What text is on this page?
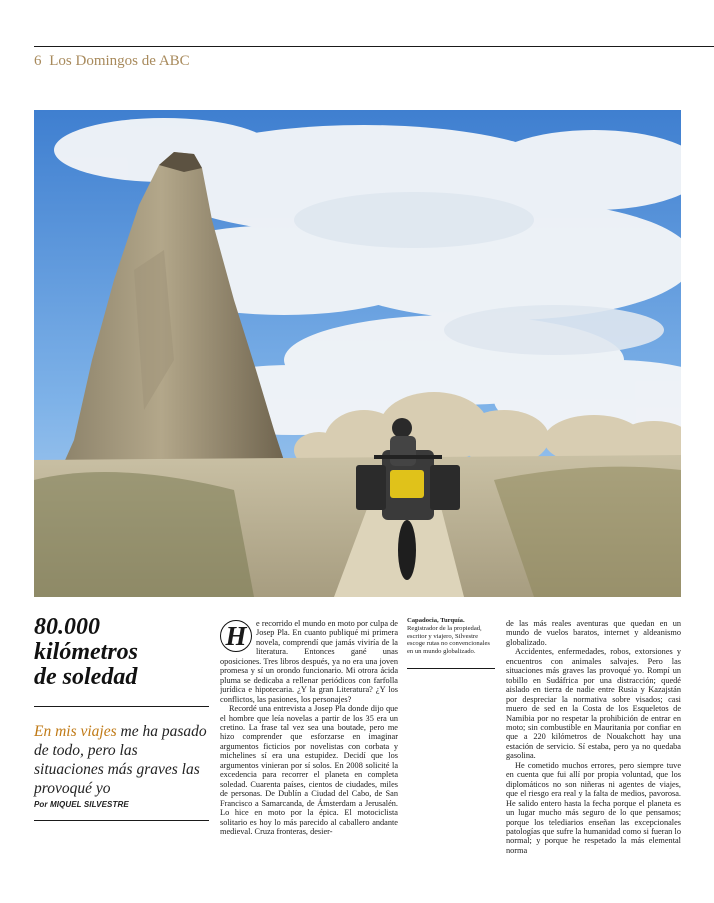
6 Los Domingos de ABC
80.000
kilómetros
de soledad

En mis viajes me ha pasado de todo, pero las situaciones más graves las provoqué yo

Por MIQUEL SILVESTRE

H	e recorrido el mundo en moto por culpa de Josep Pla. En cuanto publiqué mi primera novela, comprendí que jamás viviría de la literatura. Entonces gané unas oposiciones. Tres libros después, ya no era una joven promesa y sí un orondo funcionario. Mi otrora ácida pluma se dedicaba a rellenar periódicos con farfolla jurídica e hipotecaria. ¿Y la gran Literatura? ¿Y los conflictos, las pasiones, los personajes?

Recordé una entrevista a Josep Pla donde dijo que el hombre que leía novelas a partir de los 35 era un cretino. La frase tal vez sea una boutade, pero me hizo comprender que esforzarse en imaginar argumentos ficticios por novelistas con corbata y michelines sí era una estupidez. Decidí que los argumentos vinieran por sí solos. En 2008 solicité la excedencia para recorrer el planeta en completa soledad. Cuarenta países, cientos de ciudades, miles de personas. De Dublín a Ciudad del Cabo, de San Francisco a Samarcanda, de Ámsterdam a Jerusalén. Lo hice en moto por la épica. El motociclista solitario es hoy lo más parecido al caballero andante medieval. Cruza fronteras, desier-

Capadocia, Turquía.
Registrador de la propiedad, escritor y viajero, Silvestre escoge rutas no convencionales en un mundo globalizado.

de las más reales aventuras que quedan en un mundo de vuelos baratos, internet y aldeanismo globalizado.

Accidentes, enfermedades, robos, extorsiones y encuentros con animales salvajes. Pero las situaciones más graves las provoqué yo. Rompí un tobillo en Sudáfrica por una distracción; quedé aislado en tierra de nadie entre Rusia y Kazajstán por despreciar la normativa sobre visados; casi muero de sed en la Costa de los Esqueletos de Namibia por no respetar la prohibición de entrar en moto; sin combustible en Mauritania por confiar en que a 220 kilómetros de Nouakchott hay una estación de servicio. Sí estaba, pero ya no quedaba gasolina.

He cometido muchos errores, pero siempre tuve en cuenta que fui allí por propia voluntad, que los diplomáticos no son niñeras ni agentes de viajes, que el riesgo era real y la falta de medios, pavorosa. He salido entero hasta la fecha porque el planeta es un lugar mucho más seguro de lo que pensamos; porque los telediarios enseñan las excepcionales patologías que sufre la humanidad como si fueran lo normal; y porque he respetado la más elemental norma
